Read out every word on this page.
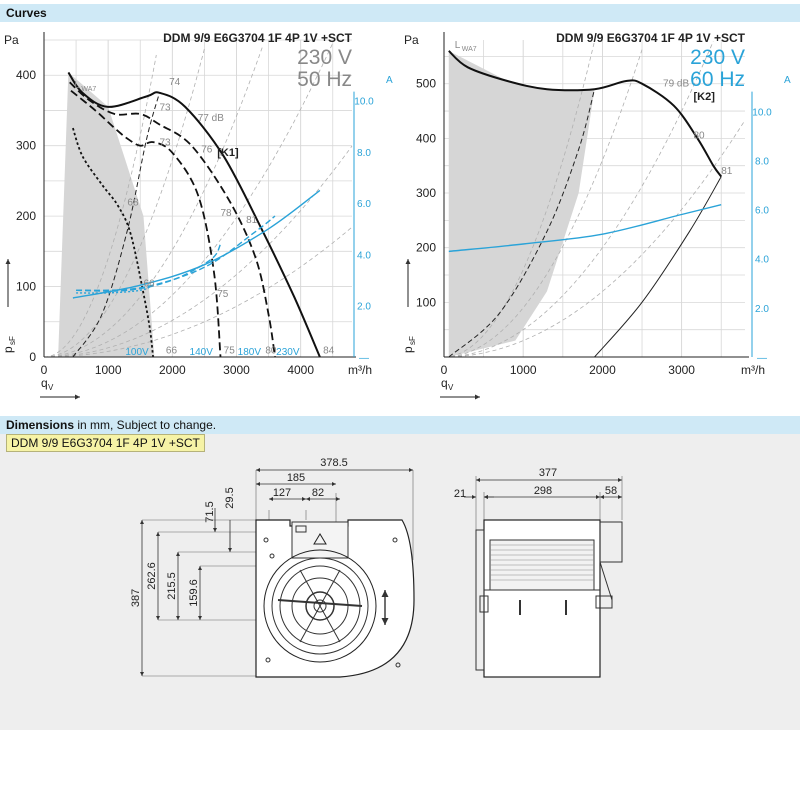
Curves
0	1000	2000	3000	4000
0
100
200
300
400
Pa
m³/h
q V
p
sF
—
2.0
4.0
6.0
8.0
10.0
A
DDM 9/9 E6G3704 1F 4P 1V +SCT
230 V
50 Hz
L WA7
[K1]
77 dB
74
73
73
76
68
78
81
66
75
66	75	80	84
100V	140V 180V 230V
0	1000	2000	3000
100
200
300
400
500
Pa
m³/h
q V
p
sF
—
2.0
4.0
6.0
8.0
10.0
A
DDM 9/9 E6G3704 1F 4P 1V +SCT
230 V
60 Hz
L WA7
[K2]
79 dB
80
81
Dimensions in mm, Subject to change.
DDM 9/9 E6G3704 1F 4P 1V +SCT
378.5
185
127 82
71.5
29.5
262.6 215.5 159.6
387
377
21	298	58
